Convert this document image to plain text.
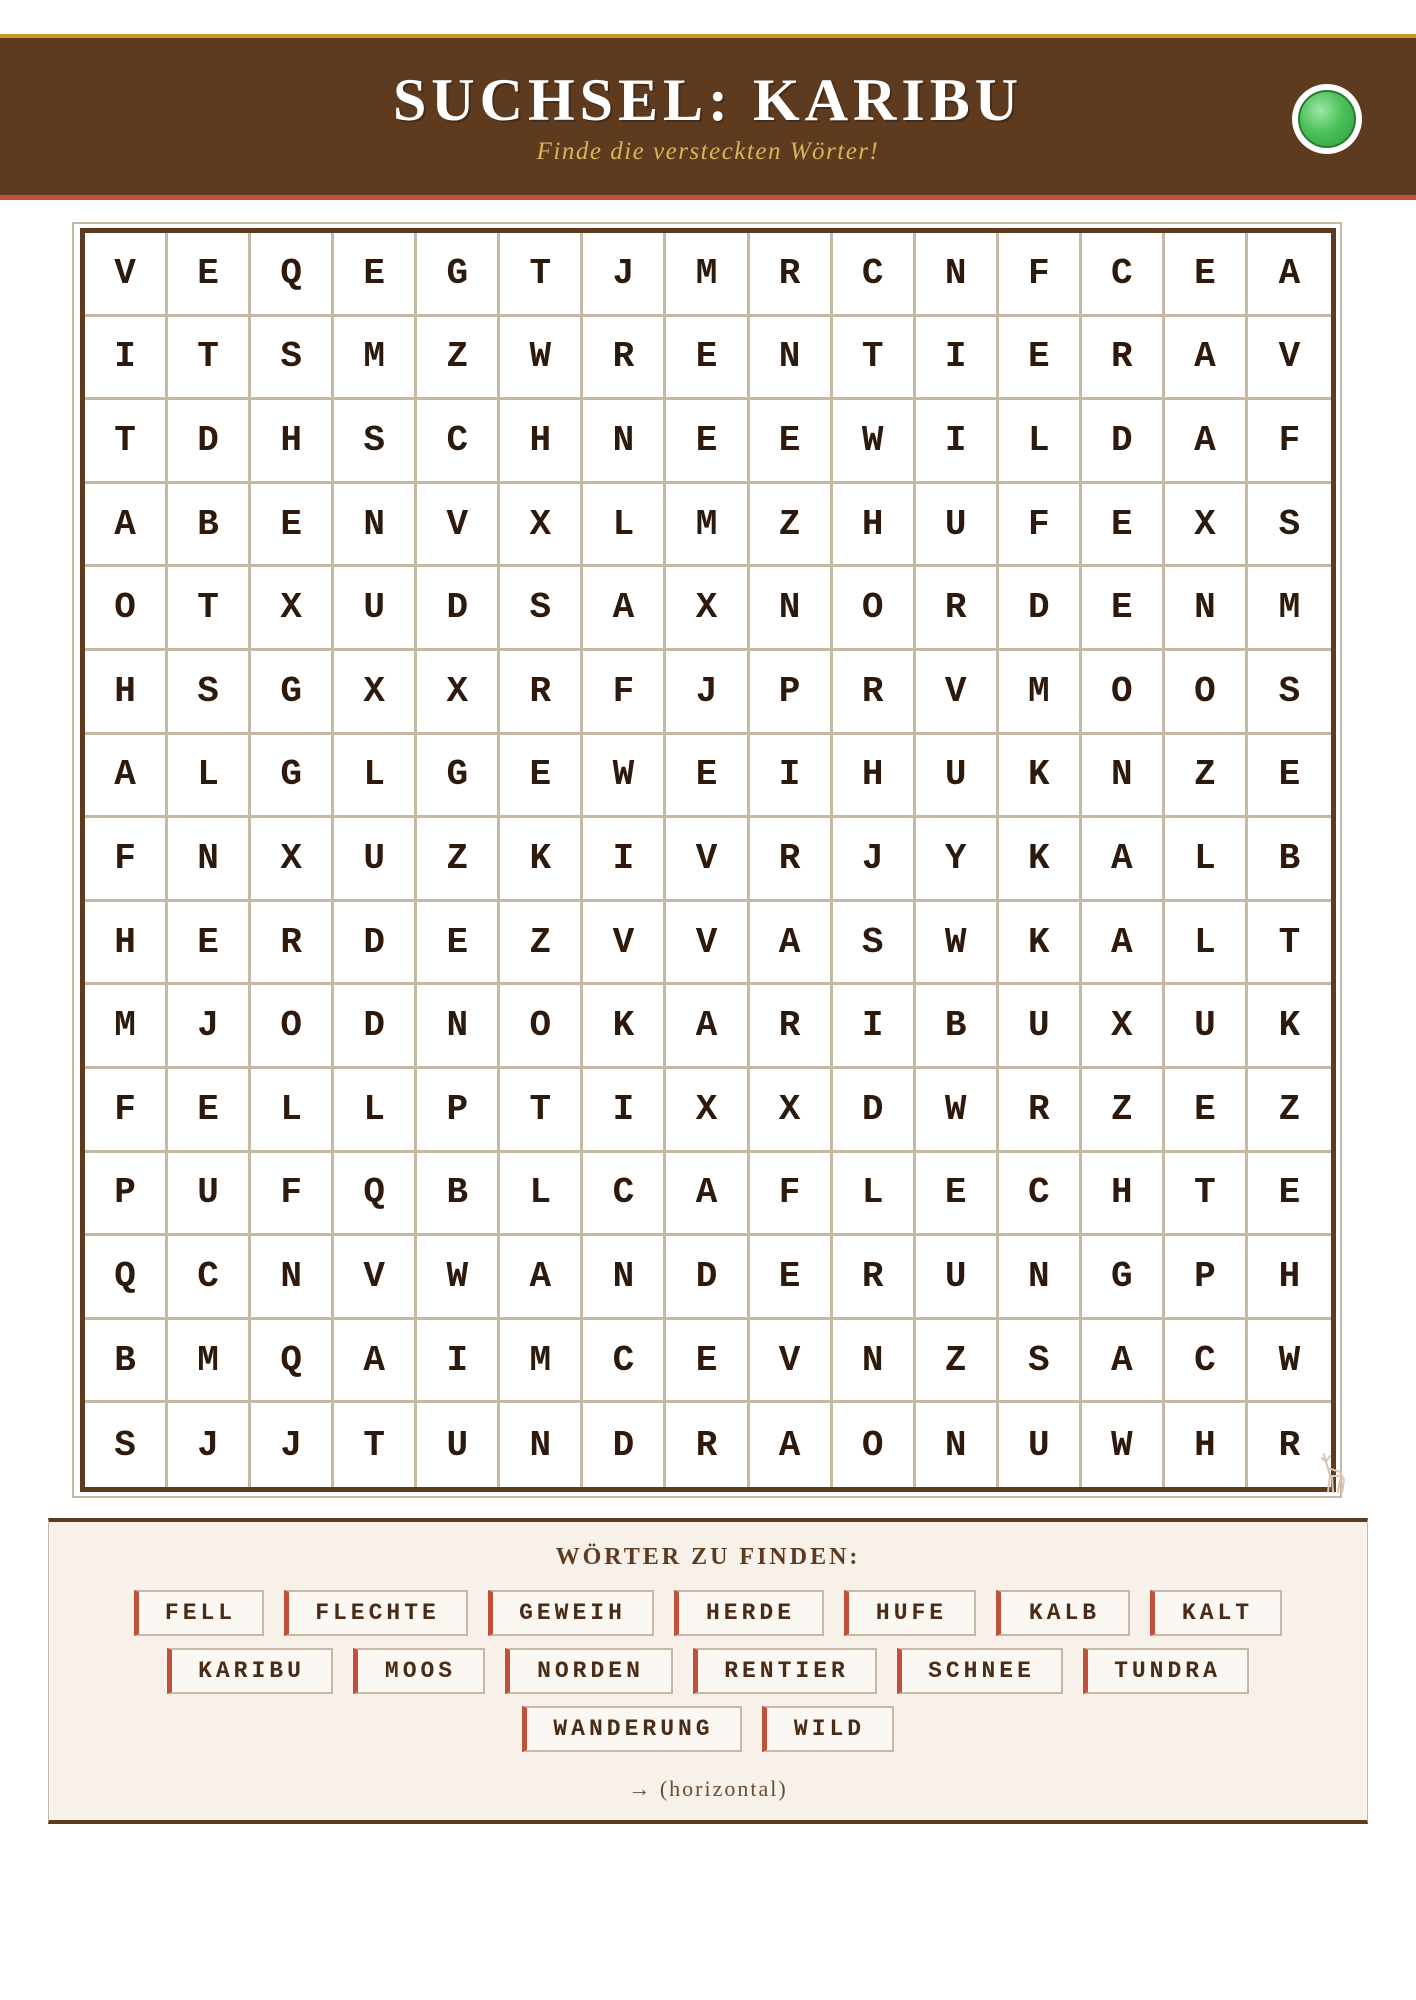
SUCHSEL: KARIBU
Finde die versteckten Wörter!
V	E	Q	E	G	T	J	M	R	C	N	F	C	E	A
I	T	S	M	Z	W	R	E	N	T	I	E	R	A	V
T	D	H	S	C	H	N	E	E	W	I	L	D	A	F
A	B	E	N	V	X	L	M	Z	H	U	F	E	X	S
O	T	X	U	D	S	A	X	N	O	R	D	E	N	M
H	S	G	X	X	R	F	J	P	R	V	M	O	O	S
A	L	G	L	G	E	W	E	I	H	U	K	N	Z	E
F	N	X	U	Z	K	I	V	R	J	Y	K	A	L	B
H	E	R	D	E	Z	V	V	A	S	W	K	A	L	T
M	J	O	D	N	O	K	A	R	I	B	U	X	U	K
F	E	L	L	P	T	I	X	X	D	W	R	Z	E	Z
P	U	F	Q	B	L	C	A	F	L	E	C	H	T	E
Q	C	N	V	W	A	N	D	E	R	U	N	G	P	H
B	M	Q	A	I	M	C	E	V	N	Z	S	A	C	W
S	J	J	T	U	N	D	R	A	O	N	U	W	H	R
WÖRTER ZU FINDEN:
FELL	FLECHTE	GEWEIH	HERDE	HUFE	KALB	KALT
KARIBU	MOOS	NORDEN	RENTIER	SCHNEE	TUNDRA
WANDERUNG	WILD
→ (horizontal)
